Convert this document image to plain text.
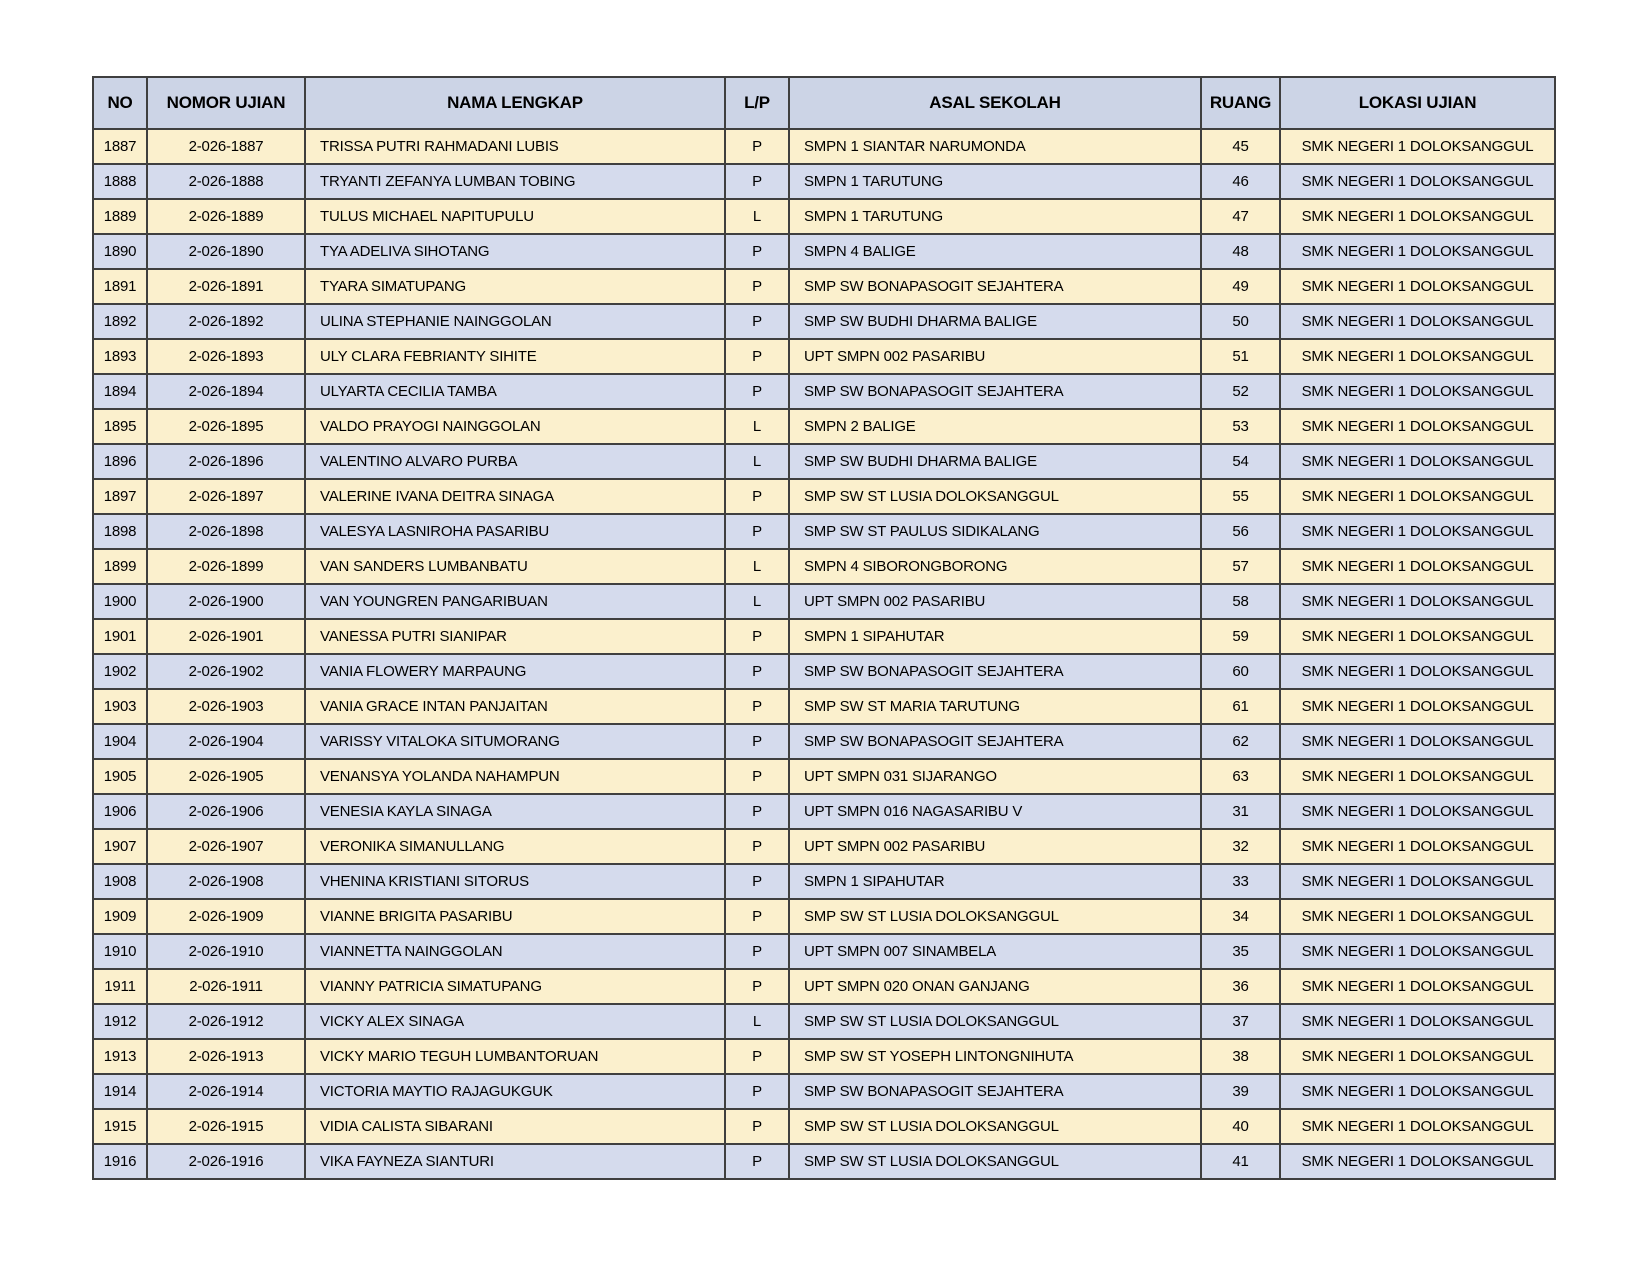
NO	NOMOR UJIAN	NAMA LENGKAP	L/P	ASAL SEKOLAH	RUANG	LOKASI UJIAN
1887	2-026-1887	TRISSA PUTRI RAHMADANI LUBIS	P	SMPN 1 SIANTAR NARUMONDA	45	SMK NEGERI 1 DOLOKSANGGUL
1888	2-026-1888	TRYANTI ZEFANYA LUMBAN TOBING	P	SMPN 1 TARUTUNG	46	SMK NEGERI 1 DOLOKSANGGUL
1889	2-026-1889	TULUS MICHAEL NAPITUPULU	L	SMPN 1 TARUTUNG	47	SMK NEGERI 1 DOLOKSANGGUL
1890	2-026-1890	TYA ADELIVA SIHOTANG	P	SMPN 4 BALIGE	48	SMK NEGERI 1 DOLOKSANGGUL
1891	2-026-1891	TYARA SIMATUPANG	P	SMP SW BONAPASOGIT SEJAHTERA	49	SMK NEGERI 1 DOLOKSANGGUL
1892	2-026-1892	ULINA STEPHANIE NAINGGOLAN	P	SMP SW BUDHI DHARMA BALIGE	50	SMK NEGERI 1 DOLOKSANGGUL
1893	2-026-1893	ULY CLARA FEBRIANTY SIHITE	P	UPT SMPN 002 PASARIBU	51	SMK NEGERI 1 DOLOKSANGGUL
1894	2-026-1894	ULYARTA CECILIA TAMBA	P	SMP SW BONAPASOGIT SEJAHTERA	52	SMK NEGERI 1 DOLOKSANGGUL
1895	2-026-1895	VALDO PRAYOGI NAINGGOLAN	L	SMPN 2 BALIGE	53	SMK NEGERI 1 DOLOKSANGGUL
1896	2-026-1896	VALENTINO ALVARO PURBA	L	SMP SW BUDHI DHARMA BALIGE	54	SMK NEGERI 1 DOLOKSANGGUL
1897	2-026-1897	VALERINE IVANA DEITRA SINAGA	P	SMP SW ST LUSIA DOLOKSANGGUL	55	SMK NEGERI 1 DOLOKSANGGUL
1898	2-026-1898	VALESYA LASNIROHA PASARIBU	P	SMP SW ST PAULUS SIDIKALANG	56	SMK NEGERI 1 DOLOKSANGGUL
1899	2-026-1899	VAN SANDERS LUMBANBATU	L	SMPN 4 SIBORONGBORONG	57	SMK NEGERI 1 DOLOKSANGGUL
1900	2-026-1900	VAN YOUNGREN PANGARIBUAN	L	UPT SMPN 002 PASARIBU	58	SMK NEGERI 1 DOLOKSANGGUL
1901	2-026-1901	VANESSA PUTRI SIANIPAR	P	SMPN 1 SIPAHUTAR	59	SMK NEGERI 1 DOLOKSANGGUL
1902	2-026-1902	VANIA FLOWERY MARPAUNG	P	SMP SW BONAPASOGIT SEJAHTERA	60	SMK NEGERI 1 DOLOKSANGGUL
1903	2-026-1903	VANIA GRACE INTAN PANJAITAN	P	SMP SW ST MARIA TARUTUNG	61	SMK NEGERI 1 DOLOKSANGGUL
1904	2-026-1904	VARISSY VITALOKA SITUMORANG	P	SMP SW BONAPASOGIT SEJAHTERA	62	SMK NEGERI 1 DOLOKSANGGUL
1905	2-026-1905	VENANSYA YOLANDA NAHAMPUN	P	UPT SMPN 031 SIJARANGO	63	SMK NEGERI 1 DOLOKSANGGUL
1906	2-026-1906	VENESIA KAYLA SINAGA	P	UPT SMPN 016 NAGASARIBU V	31	SMK NEGERI 1 DOLOKSANGGUL
1907	2-026-1907	VERONIKA SIMANULLANG	P	UPT SMPN 002 PASARIBU	32	SMK NEGERI 1 DOLOKSANGGUL
1908	2-026-1908	VHENINA KRISTIANI SITORUS	P	SMPN 1 SIPAHUTAR	33	SMK NEGERI 1 DOLOKSANGGUL
1909	2-026-1909	VIANNE BRIGITA PASARIBU	P	SMP SW ST LUSIA DOLOKSANGGUL	34	SMK NEGERI 1 DOLOKSANGGUL
1910	2-026-1910	VIANNETTA NAINGGOLAN	P	UPT SMPN 007 SINAMBELA	35	SMK NEGERI 1 DOLOKSANGGUL
1911	2-026-1911	VIANNY PATRICIA SIMATUPANG	P	UPT SMPN 020 ONAN GANJANG	36	SMK NEGERI 1 DOLOKSANGGUL
1912	2-026-1912	VICKY ALEX SINAGA	L	SMP SW ST LUSIA DOLOKSANGGUL	37	SMK NEGERI 1 DOLOKSANGGUL
1913	2-026-1913	VICKY MARIO TEGUH LUMBANTORUAN	P	SMP SW ST YOSEPH LINTONGNIHUTA	38	SMK NEGERI 1 DOLOKSANGGUL
1914	2-026-1914	VICTORIA MAYTIO RAJAGUKGUK	P	SMP SW BONAPASOGIT SEJAHTERA	39	SMK NEGERI 1 DOLOKSANGGUL
1915	2-026-1915	VIDIA CALISTA SIBARANI	P	SMP SW ST LUSIA DOLOKSANGGUL	40	SMK NEGERI 1 DOLOKSANGGUL
1916	2-026-1916	VIKA FAYNEZA SIANTURI	P	SMP SW ST LUSIA DOLOKSANGGUL	41	SMK NEGERI 1 DOLOKSANGGUL
